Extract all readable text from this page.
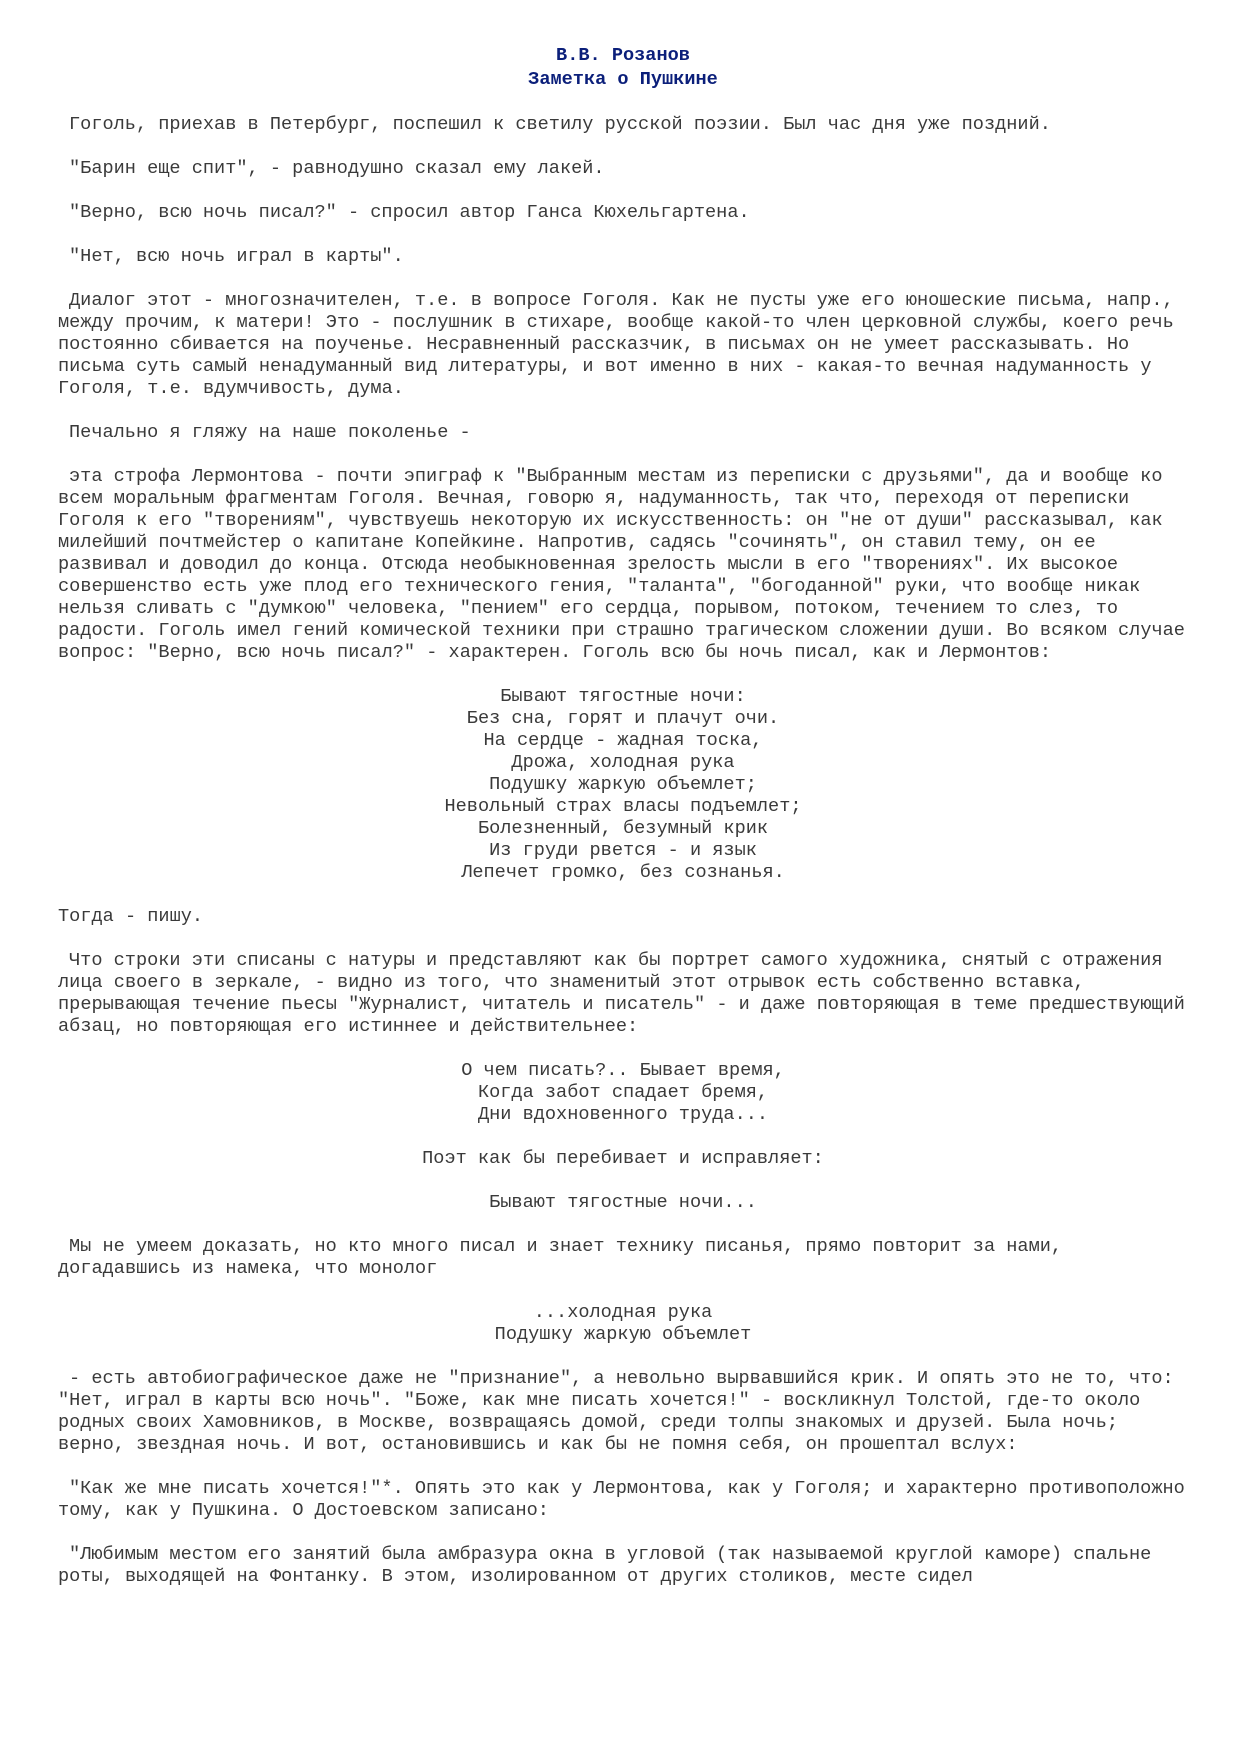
В.В. Розанов
Заметка о Пушкине

Гоголь, приехав в Петербург, поспешил к светилу русской поэзии. Был час дня уже поздний.

"Барин еще спит", - равнодушно сказал ему лакей.

"Верно, всю ночь писал?" - спросил автор Ганса Кюхельгартена.

"Нет, всю ночь играл в карты".

Диалог этот - многозначителен, т.е. в вопросе Гоголя. Как не пусты уже его юношеские письма, напр., между прочим, к матери! Это - послушник в стихаре, вообще какой-то член церковной службы, коего речь постоянно сбивается на поученье. Несравненный рассказчик, в письмах он не умеет рассказывать. Но письма суть самый ненадуманный вид литературы, и вот именно в них - какая-то вечная надуманность у Гоголя, т.е. вдумчивость, дума.

Печально я гляжу на наше поколенье -

эта строфа Лермонтова - почти эпиграф к "Выбранным местам из переписки с друзьями", да и вообще ко всем моральным фрагментам Гоголя. Вечная, говорю я, надуманность, так что, переходя от переписки Гоголя к его "творениям", чувствуешь некоторую их искусственность: он "не от души" рассказывал, как милейший почтмейстер о капитане Копейкине. Напротив, садясь "сочинять", он ставил тему, он ее развивал и доводил до конца. Отсюда необыкновенная зрелость мысли в его "творениях". Их высокое совершенство есть уже плод его технического гения, "таланта", "богоданной" руки, что вообще никак нельзя сливать с "думкою" человека, "пением" его сердца, порывом, потоком, течением то слез, то радости. Гоголь имел гений комической техники при страшно трагическом сложении души. Во всяком случае вопрос: "Верно, всю ночь писал?" - характерен. Гоголь всю бы ночь писал, как и Лермонтов:

Бывают тягостные ночи:
Без сна, горят и плачут очи.
На сердце - жадная тоска,
Дрожа, холодная рука
Подушку жаркую объемлет;
Невольный страх власы подъемлет;
Болезненный, безумный крик
Из груди рвется - и язык
Лепечет громко, без сознанья.

Тогда - пишу.

Что строки эти списаны с натуры и представляют как бы портрет самого художника, снятый с отражения лица своего в зеркале, - видно из того, что знаменитый этот отрывок есть собственно вставка, прерывающая течение пьесы "Журналист, читатель и писатель" - и даже повторяющая в теме предшествующий абзац, но повторяющая его истиннее и действительнее:

О чем писать?.. Бывает время,
Когда забот спадает бремя,
Дни вдохновенного труда...
Поэт как бы перебивает и исправляет:
Бывают тягостные ночи...

Мы не умеем доказать, но кто много писал и знает технику писанья, прямо повторит за нами, догадавшись из намека, что монолог

...холодная рука
Подушку жаркую объемлет

- есть автобиографическое даже не "признание", а невольно вырвавшийся крик. И опять это не то, что: "Нет, играл в карты всю ночь". "Боже, как мне писать хочется!" - воскликнул Толстой, где-то около родных своих Хамовников, в Москве, возвращаясь домой, среди толпы знакомых и друзей. Была ночь; верно, звездная ночь. И вот, остановившись и как бы не помня себя, он прошептал вслух:

"Как же мне писать хочется!"*. Опять это как у Лермонтова, как у Гоголя; и характерно противоположно тому, как у Пушкина. О Достоевском записано:

"Любимым местом его занятий была амбразура окна в угловой (так называемой круглой каморе) спальне роты, выходящей на Фонтанку. В этом, изолированном от других столиков, месте сидел
